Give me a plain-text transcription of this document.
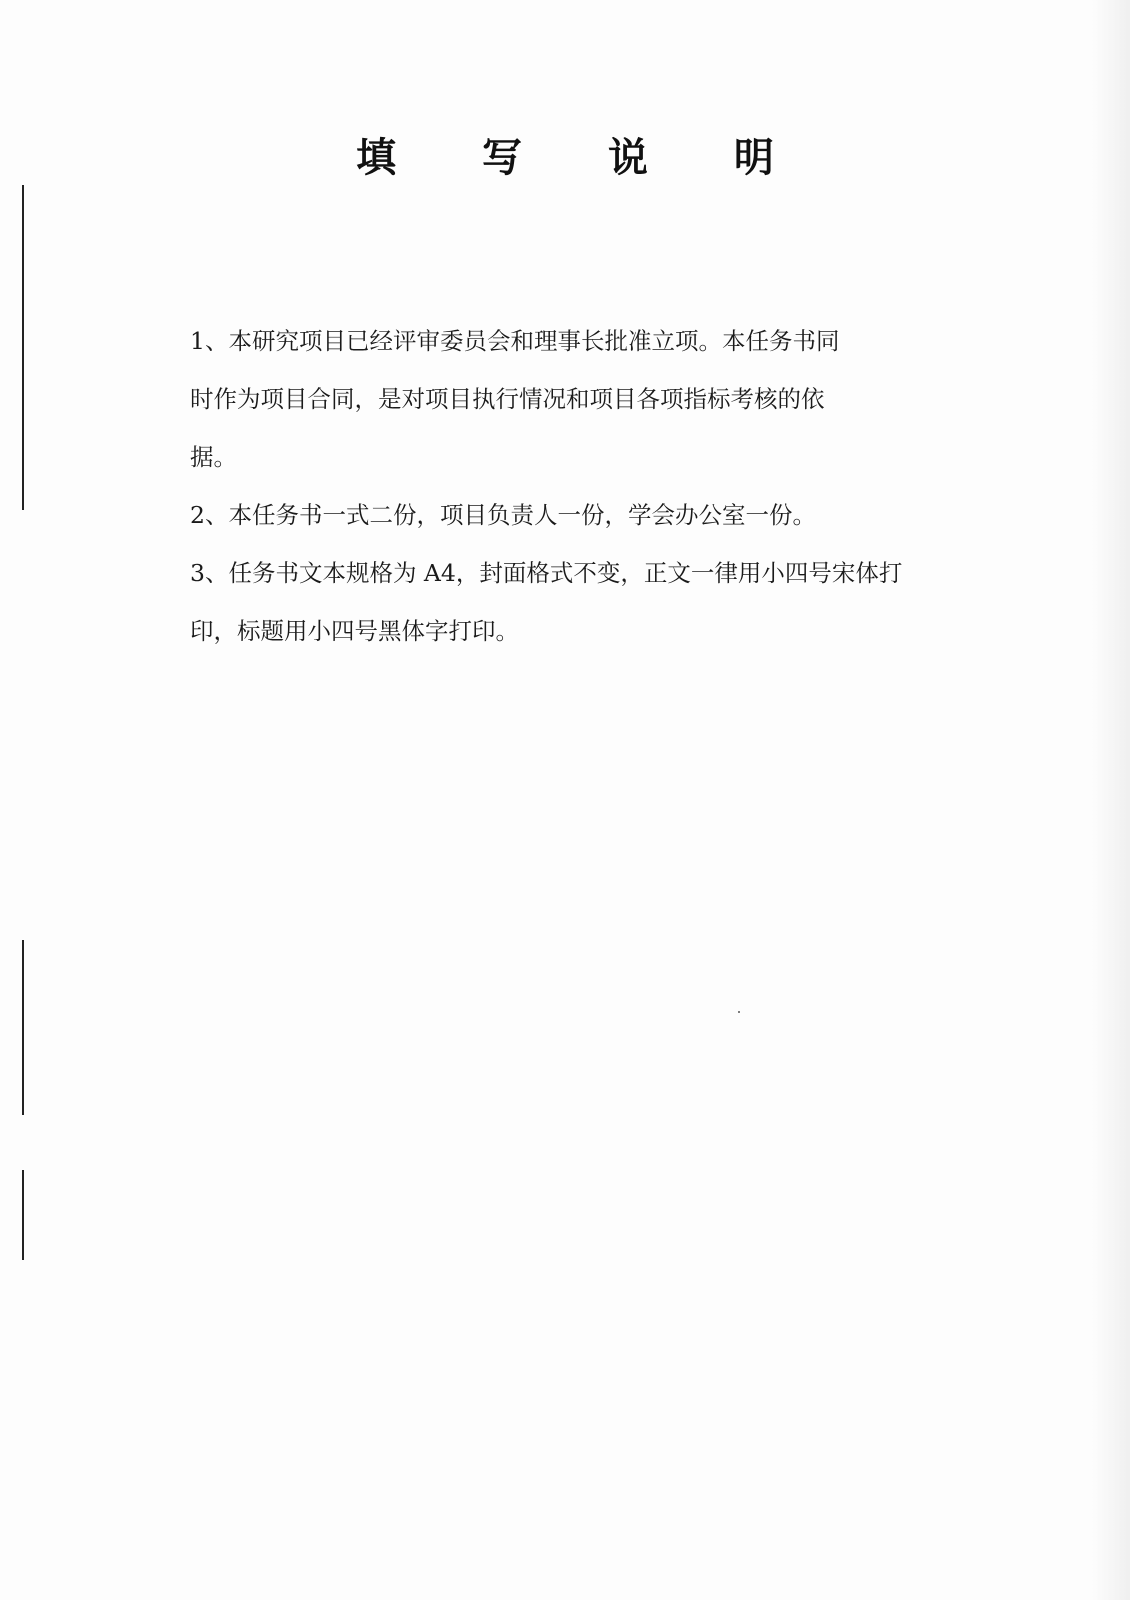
填 写 说 明
1、本研究项目已经评审委员会和理事长批准立项。本任务书同
时作为项目合同，是对项目执行情况和项目各项指标考核的依
据。
2、本任务书一式二份，项目负责人一份，学会办公室一份。
3、任务书文本规格为 A4，封面格式不变，正文一律用小四号宋体打
印，标题用小四号黑体字打印。
